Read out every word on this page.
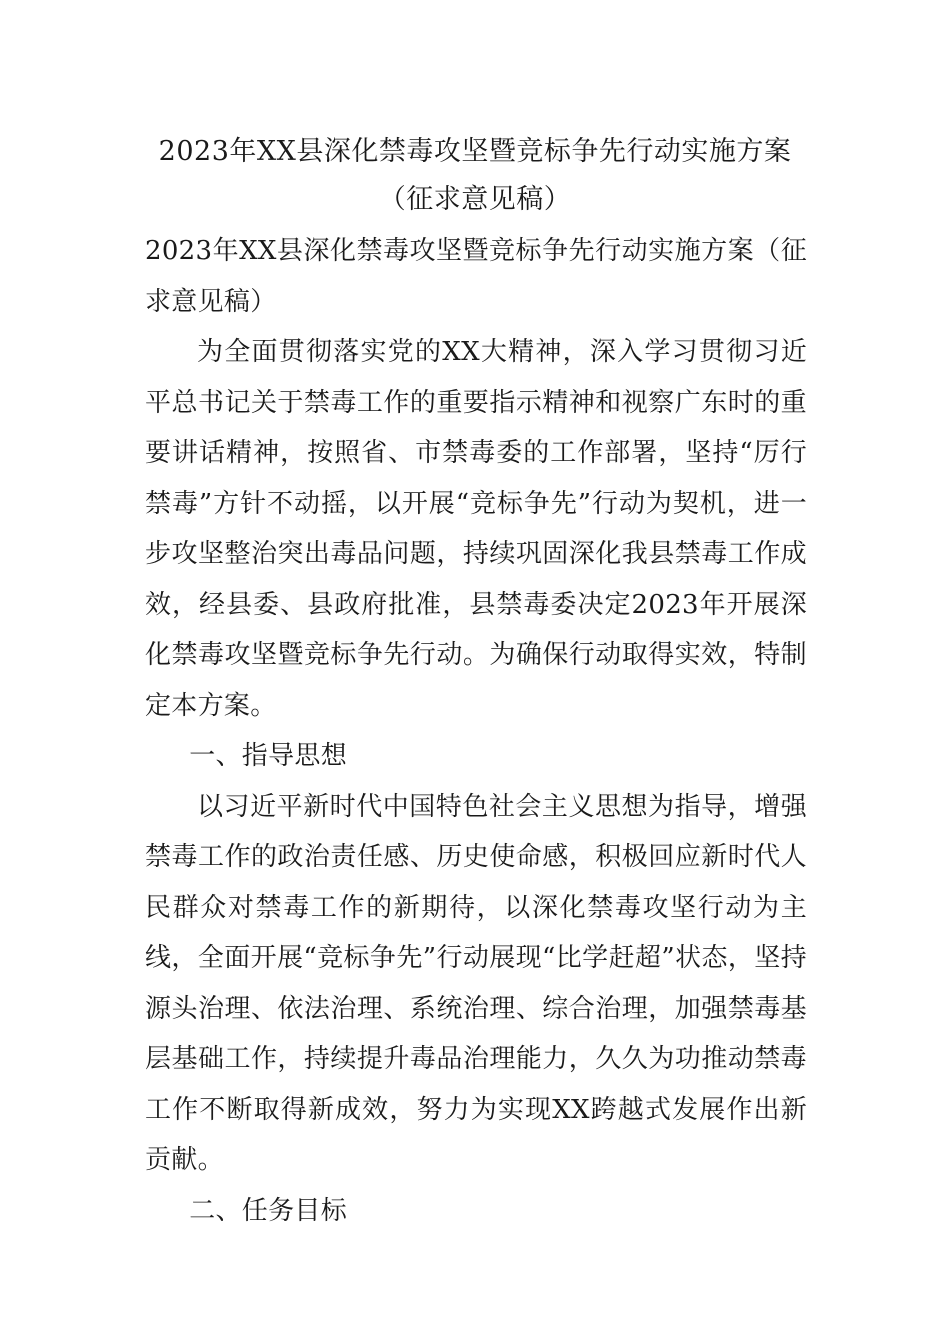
2023年XX县深化禁毒攻坚暨竞标争先行动实施方案（征求意见稿）

2023年XX县深化禁毒攻坚暨竞标争先行动实施方案（征求意见稿）

为全面贯彻落实党的XX大精神，深入学习贯彻习近平总书记关于禁毒工作的重要指示精神和视察广东时的重要讲话精神，按照省、市禁毒委的工作部署，坚持“厉行禁毒”方针不动摇，以开展“竞标争先”行动为契机，进一步攻坚整治突出毒品问题，持续巩固深化我县禁毒工作成效，经县委、县政府批准，县禁毒委决定2023年开展深化禁毒攻坚暨竞标争先行动。为确保行动取得实效，特制定本方案。

一、指导思想

以习近平新时代中国特色社会主义思想为指导，增强禁毒工作的政治责任感、历史使命感，积极回应新时代人民群众对禁毒工作的新期待，以深化禁毒攻坚行动为主线，全面开展“竞标争先”行动展现“比学赶超”状态，坚持源头治理、依法治理、系统治理、综合治理，加强禁毒基层基础工作，持续提升毒品治理能力，久久为功推动禁毒工作不断取得新成效，努力为实现XX跨越式发展作出新贡献。

二、任务目标
